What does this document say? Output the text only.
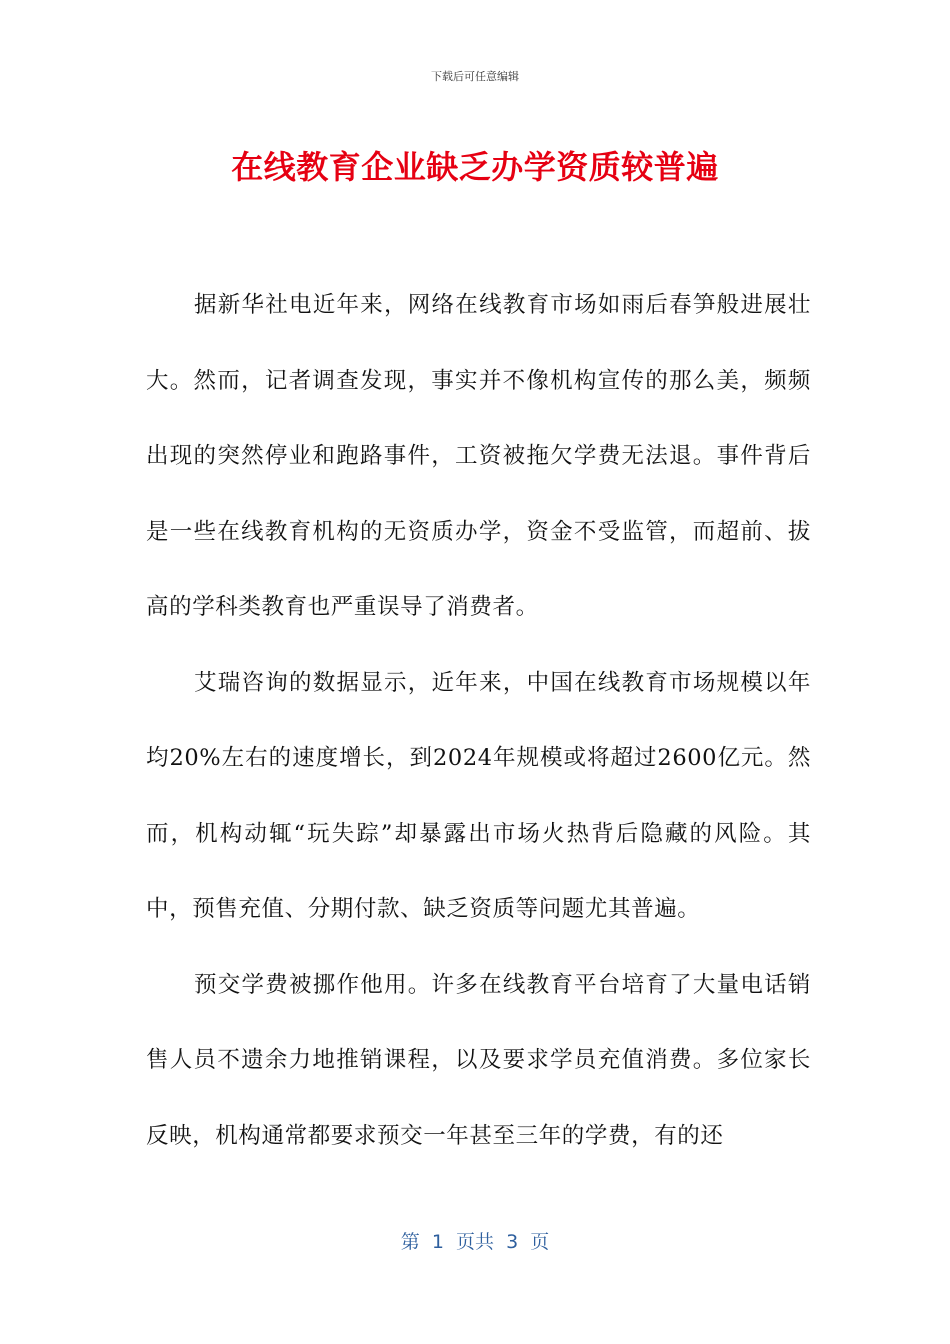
下载后可任意编辑
在线教育企业缺乏办学资质较普遍

据新华社电近年来，网络在线教育市场如雨后春笋般进展壮大。然而，记者调查发现，事实并不像机构宣传的那么美，频频出现的突然停业和跑路事件，工资被拖欠学费无法退。事件背后是一些在线教育机构的无资质办学，资金不受监管，而超前、拔高的学科类教育也严重误导了消费者。

艾瑞咨询的数据显示，近年来，中国在线教育市场规模以年均20%左右的速度增长，到2024年规模或将超过2600亿元。然而，机构动辄“玩失踪”却暴露出市场火热背后隐藏的风险。其中，预售充值、分期付款、缺乏资质等问题尤其普遍。

预交学费被挪作他用。许多在线教育平台培育了大量电话销售人员不遗余力地推销课程，以及要求学员充值消费。多位家长反映，机构通常都要求预交一年甚至三年的学费，有的还

第  1  页共  3  页
